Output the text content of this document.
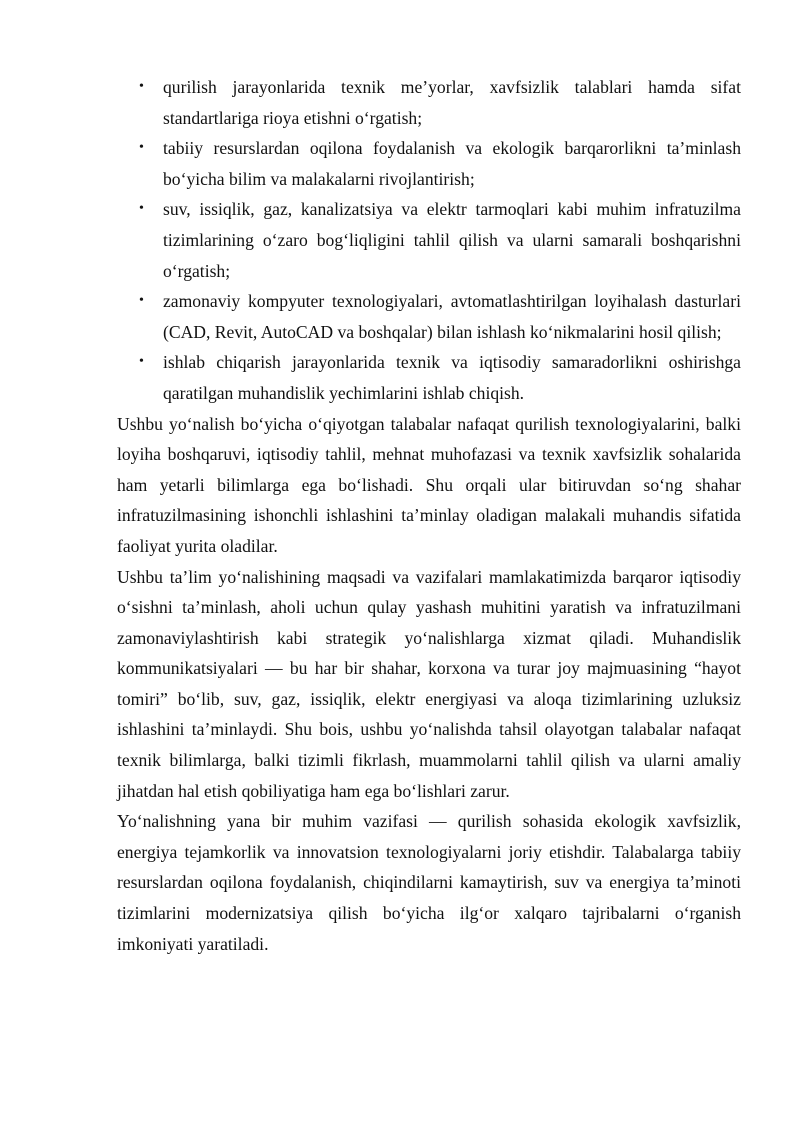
• qurilish jarayonlarida texnik me’yorlar, xavfsizlik talablari hamda sifat standartlariga rioya etishni o‘rgatish;
• tabiiy resurslardan oqilona foydalanish va ekologik barqarorlikni ta’minlash bo‘yicha bilim va malakalarni rivojlantirish;
• suv, issiqlik, gaz, kanalizatsiya va elektr tarmoqlari kabi muhim infratuzilma tizimlarining o‘zaro bog‘liqligini tahlil qilish va ularni samarali boshqarishni o‘rgatish;
• zamonaviy kompyuter texnologiyalari, avtomatlashtirilgan loyihalash dasturlari (CAD, Revit, AutoCAD va boshqalar) bilan ishlash ko‘nikmalarini hosil qilish;
• ishlab chiqarish jarayonlarida texnik va iqtisodiy samaradorlikni oshirishga qaratilgan muhandislik yechimlarini ishlab chiqish.

Ushbu yo‘nalish bo‘yicha o‘qiyotgan talabalar nafaqat qurilish texnologiyalarini, balki loyiha boshqaruvi, iqtisodiy tahlil, mehnat muhofazasi va texnik xavfsizlik sohalarida ham yetarli bilimlarga ega bo‘lishadi. Shu orqali ular bitiruvdan so‘ng shahar infratuzilmasining ishonchli ishlashini ta’minlay oladigan malakali muhandis sifatida faoliyat yurita oladilar.

Ushbu ta’lim yo‘nalishining maqsadi va vazifalari mamlakatimizda barqaror iqtisodiy o‘sishni ta’minlash, aholi uchun qulay yashash muhitini yaratish va infratuzilmani zamonaviylashtirish kabi strategik yo‘nalishlarga xizmat qiladi. Muhandislik kommunikatsiyalari — bu har bir shahar, korxona va turar joy majmuasining “hayot tomiri” bo‘lib, suv, gaz, issiqlik, elektr energiyasi va aloqa tizimlarining uzluksiz ishlashini ta’minlaydi. Shu bois, ushbu yo‘nalishda tahsil olayotgan talabalar nafaqat texnik bilimlarga, balki tizimli fikrlash, muammolarni tahlil qilish va ularni amaliy jihatdan hal etish qobiliyatiga ham ega bo‘lishlari zarur.

Yo‘nalishning yana bir muhim vazifasi — qurilish sohasida ekologik xavfsizlik, energiya tejamkorlik va innovatsion texnologiyalarni joriy etishdir. Talabalarga tabiiy resurslardan oqilona foydalanish, chiqindilarni kamaytirish, suv va energiya ta’minoti tizimlarini modernizatsiya qilish bo‘yicha ilg‘or xalqaro tajribalarni o‘rganish imkoniyati yaratiladi.
